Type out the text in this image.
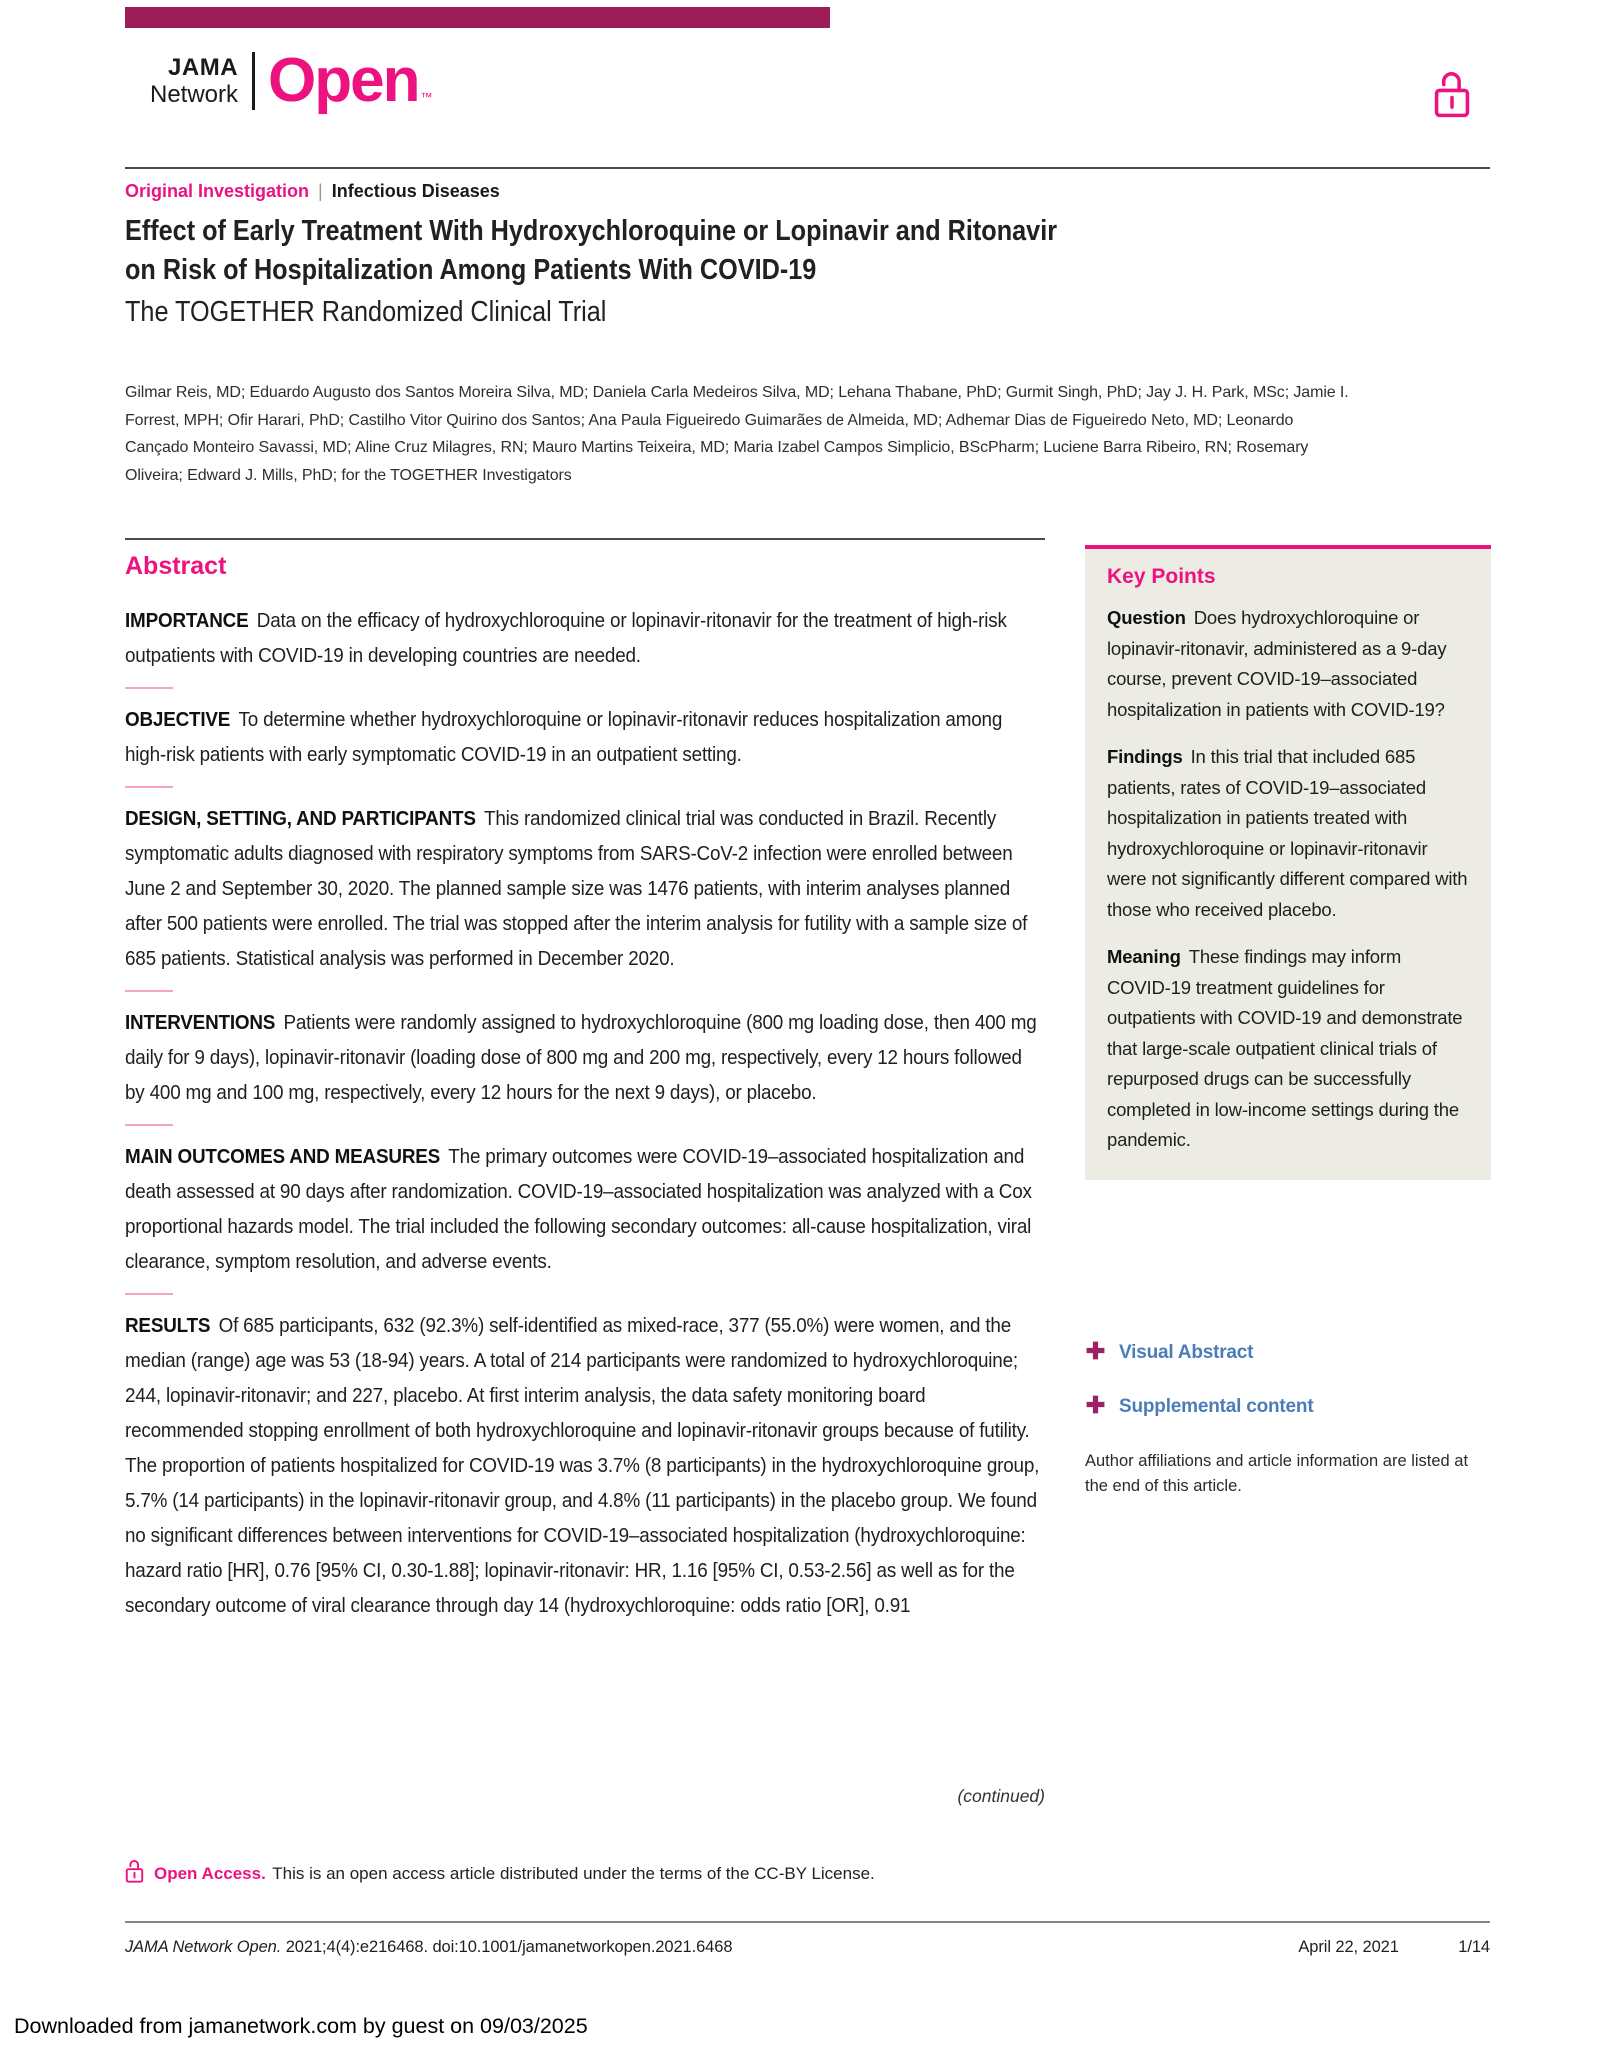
JAMA
Network Open ™
Original Investigation | Infectious Diseases
Effect of Early Treatment With Hydroxychloroquine or Lopinavir and Ritonavir
on Risk of Hospitalization Among Patients With COVID-19
The TOGETHER Randomized Clinical Trial
Gilmar Reis, MD; Eduardo Augusto dos Santos Moreira Silva, MD; Daniela Carla Medeiros Silva, MD; Lehana Thabane, PhD; Gurmit Singh, PhD; Jay J. H. Park, MSc; Jamie I. Forrest, MPH; Ofir Harari, PhD; Castilho Vitor Quirino dos Santos; Ana Paula Figueiredo Guimarães de Almeida, MD; Adhemar Dias de Figueiredo Neto, MD; Leonardo Cançado Monteiro Savassi, MD; Aline Cruz Milagres, RN; Mauro Martins Teixeira, MD; Maria Izabel Campos Simplicio, BScPharm; Luciene Barra Ribeiro, RN; Rosemary Oliveira; Edward J. Mills, PhD; for the TOGETHER Investigators
Abstract

IMPORTANCE Data on the efficacy of hydroxychloroquine or lopinavir-ritonavir for the treatment of high-risk outpatients with COVID-19 in developing countries are needed.

OBJECTIVE To determine whether hydroxychloroquine or lopinavir-ritonavir reduces hospitalization among high-risk patients with early symptomatic COVID-19 in an outpatient setting.

DESIGN, SETTING, AND PARTICIPANTS This randomized clinical trial was conducted in Brazil. Recently symptomatic adults diagnosed with respiratory symptoms from SARS-CoV-2 infection were enrolled between June 2 and September 30, 2020. The planned sample size was 1476 patients, with interim analyses planned after 500 patients were enrolled. The trial was stopped after the interim analysis for futility with a sample size of 685 patients. Statistical analysis was performed in December 2020.

INTERVENTIONS Patients were randomly assigned to hydroxychloroquine (800 mg loading dose, then 400 mg daily for 9 days), lopinavir-ritonavir (loading dose of 800 mg and 200 mg, respectively, every 12 hours followed by 400 mg and 100 mg, respectively, every 12 hours for the next 9 days), or placebo.

MAIN OUTCOMES AND MEASURES The primary outcomes were COVID-19–associated hospitalization and death assessed at 90 days after randomization. COVID-19–associated hospitalization was analyzed with a Cox proportional hazards model. The trial included the following secondary outcomes: all-cause hospitalization, viral clearance, symptom resolution, and adverse events.

RESULTS Of 685 participants, 632 (92.3%) self-identified as mixed-race, 377 (55.0%) were women, and the median (range) age was 53 (18-94) years. A total of 214 participants were randomized to hydroxychloroquine; 244, lopinavir-ritonavir; and 227, placebo. At first interim analysis, the data safety monitoring board recommended stopping enrollment of both hydroxychloroquine and lopinavir-ritonavir groups because of futility. The proportion of patients hospitalized for COVID-19 was 3.7% (8 participants) in the hydroxychloroquine group, 5.7% (14 participants) in the lopinavir-ritonavir group, and 4.8% (11 participants) in the placebo group. We found no significant differences between interventions for COVID-19–associated hospitalization (hydroxychloroquine: hazard ratio [HR], 0.76 [95% CI, 0.30-1.88]; lopinavir-ritonavir: HR, 1.16 [95% CI, 0.53-2.56] as well as for the secondary outcome of viral clearance through day 14 (hydroxychloroquine: odds ratio [OR], 0.91

(continued)
Key Points

Question Does hydroxychloroquine or lopinavir-ritonavir, administered as a 9-day course, prevent COVID-19–associated hospitalization in patients with COVID-19?

Findings In this trial that included 685 patients, rates of COVID-19–associated hospitalization in patients treated with hydroxychloroquine or lopinavir-ritonavir were not significantly different compared with those who received placebo.

Meaning These findings may inform COVID-19 treatment guidelines for outpatients with COVID-19 and demonstrate that large-scale outpatient clinical trials of repurposed drugs can be successfully completed in low-income settings during the pandemic.

Visual Abstract
Supplemental content
Author affiliations and article information are listed at the end of this article.
Open Access. This is an open access article distributed under the terms of the CC-BY License.
JAMA Network Open. 2021;4(4):e216468. doi:10.1001/jamanetworkopen.2021.6468	April 22, 2021	1/14
Downloaded from jamanetwork.com by guest on 09/03/2025
